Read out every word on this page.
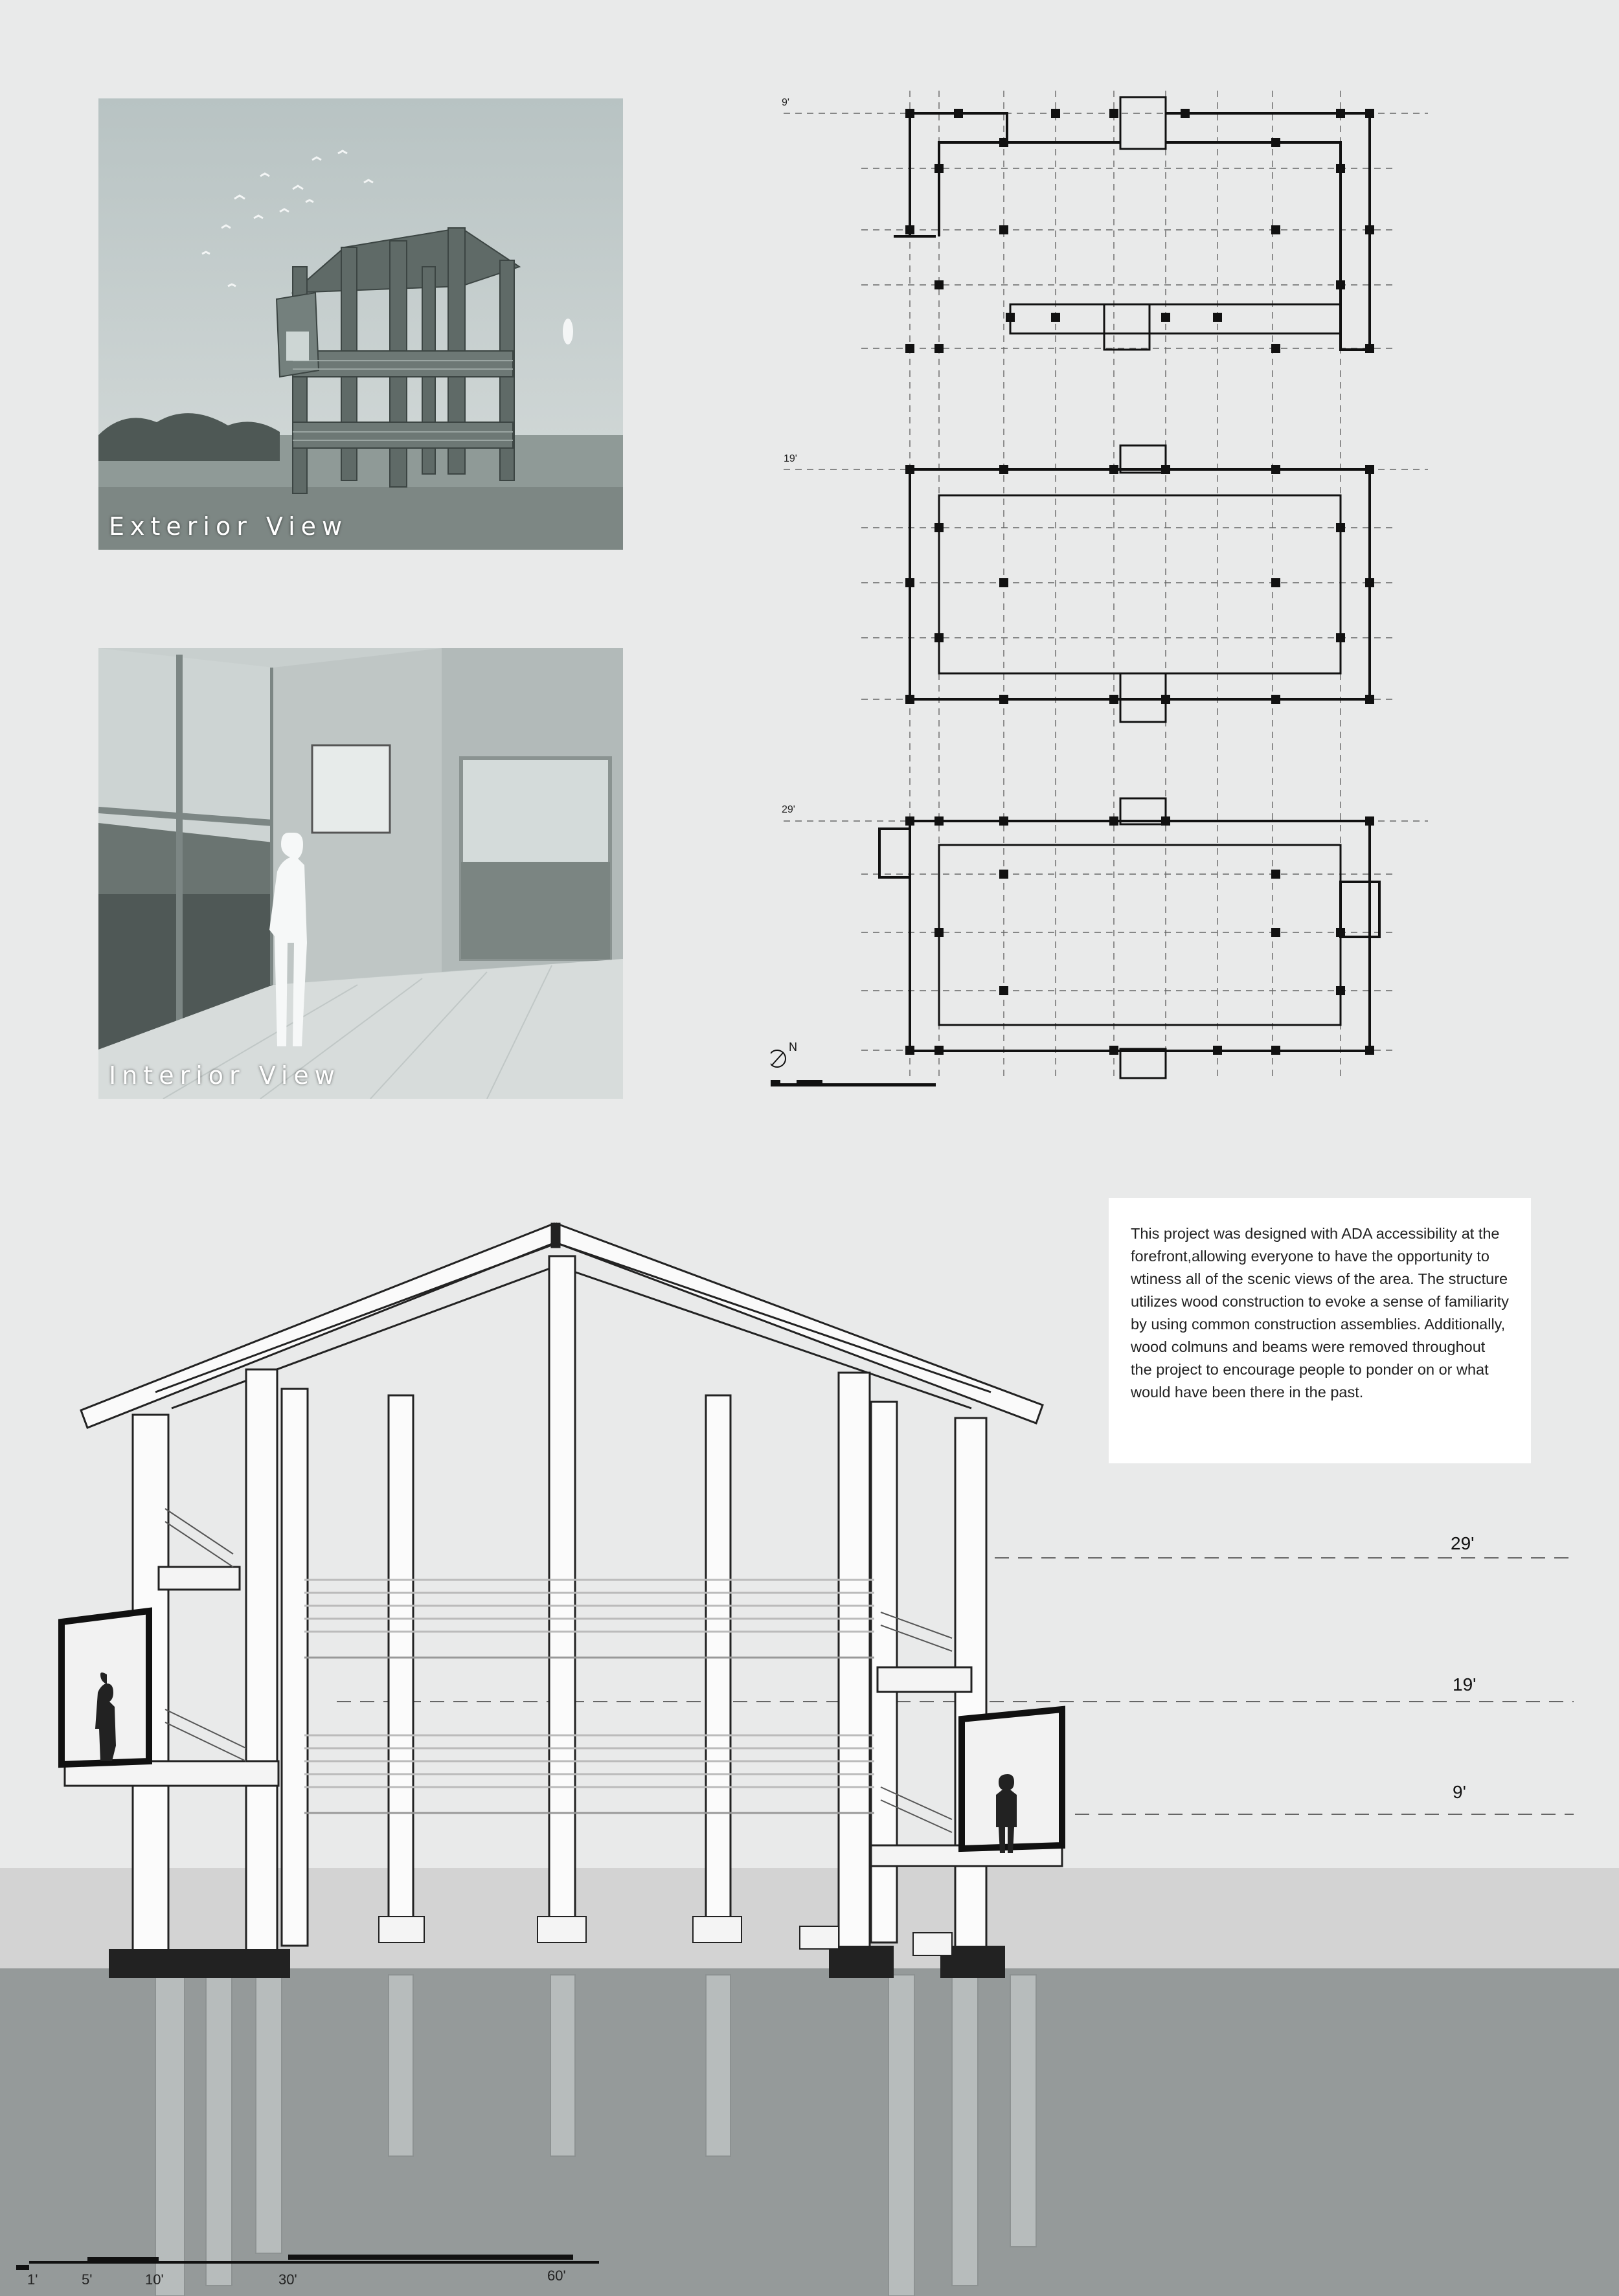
Exterior View
Interior View
9'
19'
29'
N
This project was designed with ADA accessibility at the forefront,allowing everyone to have the opportunity to wtiness all of the scenic views of the area. The structure utilizes wood construction to evoke a sense of familiarity by using common construction assemblies. Additionally, wood colmuns and beams were removed throughout the project to encourage people to ponder on or what would have been there in the past.
29'
19'
9'
1'	5'	10'	30'	60'
